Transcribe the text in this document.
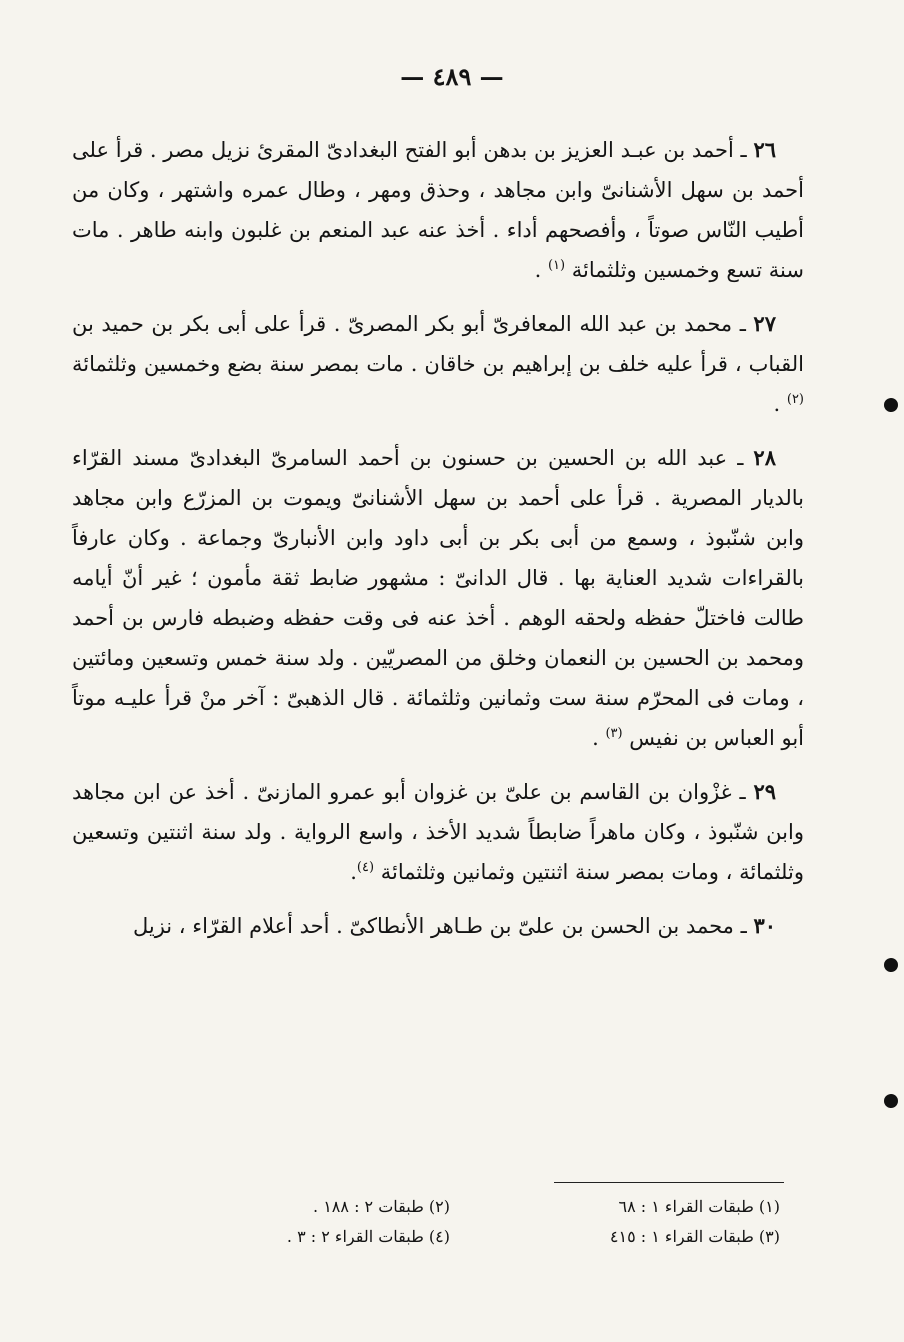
— ٤٨٩ —

٢٦ ـ أحمد بن عبـد العزيز بن بدهن أبو الفتح البغدادىّ المقرئ نزيل مصر . قرأ على أحمد بن سهل الأشنانىّ وابن مجاهد ، وحذق ومهر ، وطال عمره واشتهر ، وكان من أطيب النّاس صوتاً ، وأفصحهم أداء . أخذ عنه عبد المنعم بن غلبون وابنه طاهر . مات سنة تسع وخمسين وثلثمائة $^{(١)}$ .

٢٧ ـ محمد بن عبد الله المعافرىّ أبو بكر المصرىّ . قرأ على أبى بكر بن حميد بن القباب ، قرأ عليه خلف بن إبراهيم بن خاقان . مات بمصر سنة بضع وخمسين وثلثمائة $^{(٢)}$ .

٢٨ ـ عبد الله بن الحسين بن حسنون بن أحمد السامرىّ البغدادىّ مسند القرّاء بالديار المصرية . قرأ على أحمد بن سهل الأشنانىّ ويموت بن المزرّع وابن مجاهد وابن شنّبوذ ، وسمع من أبى بكر بن أبى داود وابن الأنبارىّ وجماعة . وكان عارفاً بالقراءات شديد العناية بها . قال الدانىّ : مشهور ضابط ثقة مأمون ؛ غير أنّ أيامه طالت فاختلّ حفظه ولحقه الوهم . أخذ عنه فى وقت حفظه وضبطه فارس بن أحمد ومحمد بن الحسين بن النعمان وخلق من المصريّين . ولد سنة خمس وتسعين ومائتين ، ومات فى المحرّم سنة ست وثمانين وثلثمائة . قال الذهبىّ : آخر منْ قرأ عليـه موتاً أبو العباس بن نفيس $^{(٣)}$ .

٢٩ ـ غزْوان بن القاسم بن علىّ بن غزوان أبو عمرو المازنىّ . أخذ عن ابن مجاهد وابن شنّبوذ ، وكان ماهراً ضابطاً شديد الأخذ ، واسع الرواية . ولد سنة اثنتين وتسعين وثلثمائة ، ومات بمصر سنة اثنتين وثمانين وثلثمائة $^{(٤)}$.

٣٠ ـ محمد بن الحسن بن علىّ بن طـاهر الأنطاكىّ . أحد أعلام القرّاء ، نزيل

(١) طبقات القراء ١ : ٦٨
(٢) طبقات ٢ : ١٨٨ .
(٣) طبقات القراء ١ : ٤١٥
(٤) طبقات القراء ٢ : ٣ .
